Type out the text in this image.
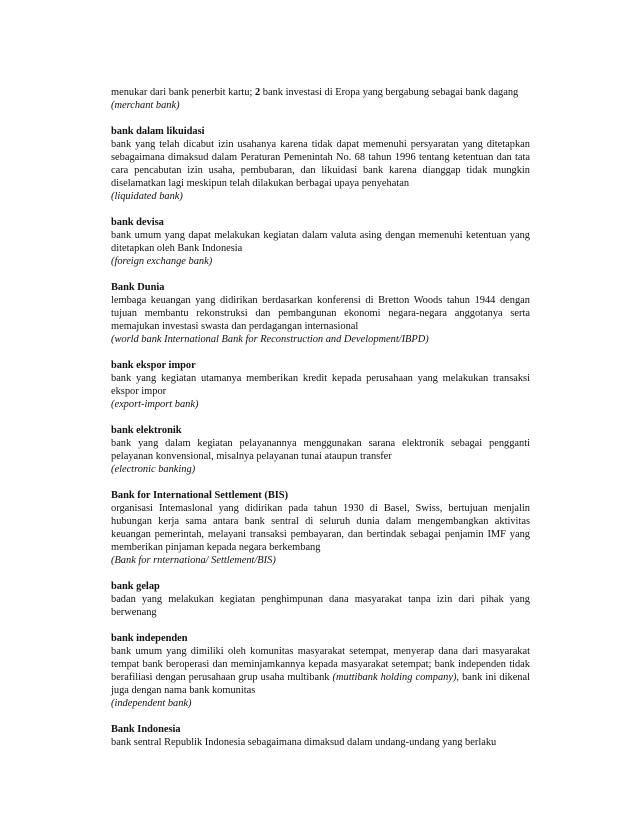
menukar dari bank penerbit kartu; 2 bank investasi di Eropa yang bergabung sebagai bank dagang

(merchant bank)

bank dalam likuidasi

bank yang telah dicabut izin usahanya karena tidak dapat memenuhi persyaratan yang ditetapkan sebagaimana dimaksud dalam Peraturan Pemenintah No. 68 tahun 1996 tentang ketentuan dan tata cara pencabutan izin usaha, pembubaran, dan likuidasi bank karena dianggap tidak mungkin diselamatkan lagi meskipun telah dilakukan berbagai upaya penyehatan

(liquidated bank)

bank devisa

bank umum yang dapat melakukan kegiatan dalam valuta asing dengan memenuhi ketentuan yang ditetapkan oleh Bank Indonesia

(foreign exchange bank)

Bank Dunia

lembaga keuangan yang didirikan berdasarkan konferensi di Bretton Woods tahun 1944 dengan tujuan membantu rekonstruksi dan pembangunan ekonomi negara-negara anggotanya serta memajukan investasi swasta dan perdagangan internasional

(world bank International Bank for Reconstruction and Development/IBPD)

bank ekspor impor

bank yang kegiatan utamanya memberikan kredit kepada perusahaan yang melakukan transaksi ekspor impor

(export-import bank)

bank elektronik

bank yang dalam kegiatan pelayanannya menggunakan sarana elektronik sebagai pengganti pelayanan konvensional, misalnya pelayanan tunai ataupun transfer

(electronic banking)

Bank for International Settlement (BIS)

organisasi Intemaslonal yang didirikan pada tahun 1930 di Basel, Swiss, bertujuan menjalin hubungan kerja sama antara bank sentral di seluruh dunia dalam mengembangkan aktivitas keuangan pemerintah, melayani transaksi pembayaran, dan bertindak sebagai penjamin IMF yang memberikan pinjaman kepada negara berkembang

(Bank for rnternationa/ Settlement/BIS)

bank gelap

badan yang melakukan kegiatan penghimpunan dana masyarakat tanpa izin dari pihak yang berwenang

bank independen

bank umum yang dimiliki oleh komunitas masyarakat setempat, menyerap dana dari masyarakat tempat bank beroperasi dan meminjamkannya kepada masyarakat setempat; bank independen tidak berafiliasi dengan perusahaan grup usaha multibank (muttibank holding company), bank ini dikenal juga dengan nama bank komunitas

(independent bank)

Bank Indonesia

bank sentral Republik Indonesia sebagaimana dimaksud dalam undang-undang yang berlaku
